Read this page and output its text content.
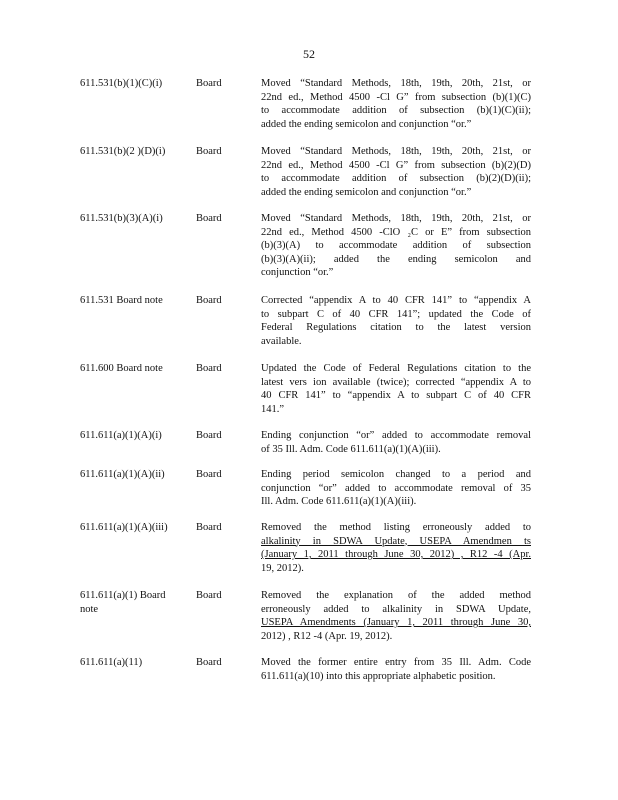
52
611.531(b)(1)(C)(i)	Board	Moved “Standard Methods, 18th, 19th, 20th, 21st, or
22nd ed., Method 4500 -Cl G” from subsection (b)(1)(C)
to accommodate addition of subsection (b)(1)(C)(ii);
added the ending semicolon and conjunction “or.”
611.531(b)(2 )(D)(i)	Board	Moved “Standard Methods, 18th, 19th, 20th, 21st, or
22nd ed., Method 4500 -Cl G” from subsection (b)(2)(D)
to accommodate addition of subsection (b)(2)(D)(ii);
added the ending semicolon and conjunction “or.”
611.531(b)(3)(A)(i)	Board	Moved “Standard Methods, 18th, 19th, 20th, 21st, or
22nd ed., Method 4500 -ClO ₂C or E” from subsection
(b)(3)(A) to accommodate addition of subsection
(b)(3)(A)(ii); added the ending semicolon and
conjunction “or.”
611.531 Board note	Board	Corrected “appendix A to 40 CFR 141” to “appendix A
to subpart C of 40 CFR 141”; updated the Code of
Federal Regulations citation to the latest version
available.
611.600 Board note	Board	Updated the Code of Federal Regulations citation to the
latest vers ion available (twice); corrected “appendix A to
40 CFR 141” to “appendix A to subpart C of 40 CFR
141.”
611.611(a)(1)(A)(i)	Board	Ending conjunction “or” added to accommodate removal
of 35 Ill. Adm. Code 611.611(a)(1)(A)(iii).
611.611(a)(1)(A)(ii)	Board	Ending period semicolon changed to a period and
conjunction “or” added to accommodate removal of 35
Ill. Adm. Code 611.611(a)(1)(A)(iii).
611.611(a)(1)(A)(iii)	Board	Removed the method listing erroneously added to
alkalinity in SDWA Update, USEPA Amendmen ts
(January 1, 2011 through June 30, 2012) , R12 -4 (Apr.
19, 2012).
611.611(a)(1) Board note
Board	Removed the explanation of the added method
erroneously added to alkalinity in SDWA Update,
USEPA Amendments (January 1, 2011 through June 30,
2012) , R12 -4 (Apr. 19, 2012).
611.611(a)(11)	Board	Moved the former entire entry from 35 Ill. Adm. Code
611.611(a)(10) into this appropriate alphabetic position.
